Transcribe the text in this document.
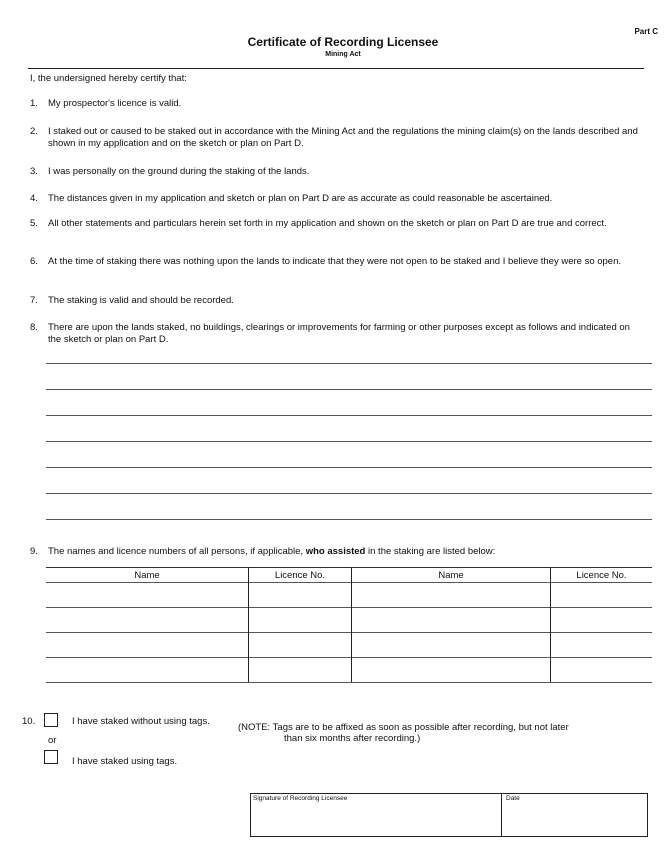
Part C
Certificate of Recording Licensee
Mining Act
I, the undersigned hereby certify that:
1. My prospector's licence is valid.
2. I staked out or caused to be staked out in accordance with the Mining Act and the regulations the mining claim(s) on the lands described and shown in my application and on the sketch or plan on Part D.
3. I was personally on the ground during the staking of the lands.
4. The distances given in my application and sketch or plan on Part D are as accurate as could reasonable be ascertained.
5. All other statements and particulars herein set forth in my application and shown on the sketch or plan on Part D are true and correct.
6. At the time of staking there was nothing upon the lands to indicate that they were not open to be staked and I believe they were so open.
7. The staking is valid and should be recorded.
8. There are upon the lands staked, no buildings, clearings or improvements for farming or other purposes except as follows and indicated on the sketch or plan on Part D.
9. The names and licence numbers of all persons, if applicable, who assisted in the staking are listed below:
Name	Licence No.	Name	Licence No.

10.	I have staked without using tags.
(NOTE: Tags are to be affixed as soon as possible after recording, but not later
than six months after recording.)
or
I have staked using tags.
Signature of Recording Licensee	Date
